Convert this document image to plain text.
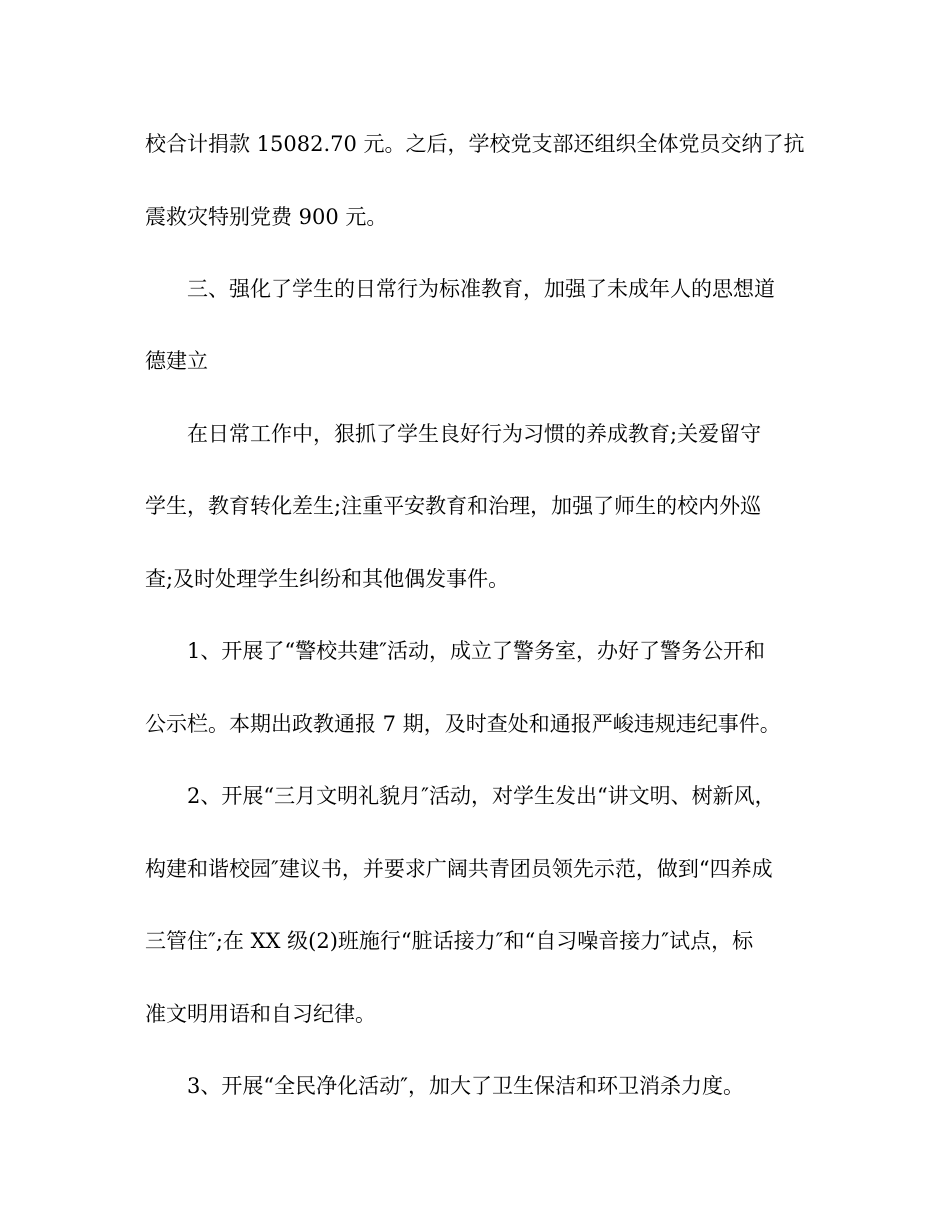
校合计捐款 15082.70 元。之后，学校党支部还组织全体党员交纳了抗

震救灾特别党费 900 元。

三、强化了学生的日常行为标准教育，加强了未成年人的思想道

德建立

在日常工作中，狠抓了学生良好行为习惯的养成教育;关爱留守

学生，教育转化差生;注重平安教育和治理，加强了师生的校内外巡

查;及时处理学生纠纷和其他偶发事件。

1、开展了“警校共建″活动，成立了警务室，办好了警务公开和

公示栏。本期出政教通报 7 期，及时查处和通报严峻违规违纪事件。

2、开展“三月文明礼貌月″活动，对学生发出“讲文明、树新风，

构建和谐校园″建议书，并要求广阔共青团员领先示范，做到“四养成

三管住″;在 XX 级(2)班施行“脏话接力″和“自习噪音接力″试点，标

准文明用语和自习纪律。

3、开展“全民净化活动″，加大了卫生保洁和环卫消杀力度。
